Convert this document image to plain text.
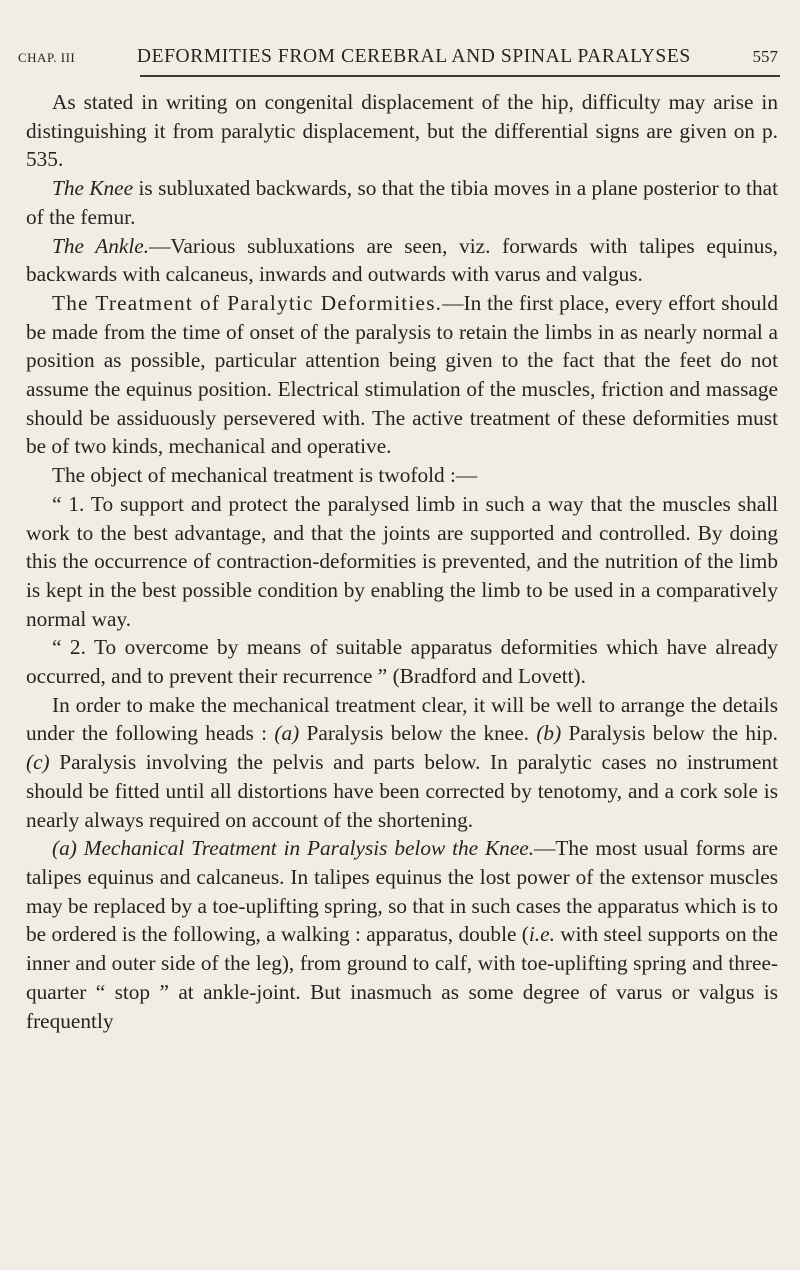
CHAP. III	DEFORMITIES FROM CEREBRAL AND SPINAL PARALYSES	557

As stated in writing on congenital displacement of the hip, difficulty may arise in distinguishing it from paralytic displacement, but the differential signs are given on p. 535.

The Knee is subluxated backwards, so that the tibia moves in a plane posterior to that of the femur.

The Ankle.—Various subluxations are seen, viz. forwards with talipes equinus, backwards with calcaneus, inwards and outwards with varus and valgus.

The Treatment of Paralytic Deformities.—In the first place, every effort should be made from the time of onset of the paralysis to retain the limbs in as nearly normal a position as possible, particular attention being given to the fact that the feet do not assume the equinus position. Electrical stimulation of the muscles, friction and massage should be assiduously persevered with. The active treatment of these deformities must be of two kinds, mechanical and operative.

The object of mechanical treatment is twofold :—

“ 1. To support and protect the paralysed limb in such a way that the muscles shall work to the best advantage, and that the joints are supported and controlled. By doing this the occurrence of contraction-deformities is prevented, and the nutrition of the limb is kept in the best possible condition by enabling the limb to be used in a comparatively normal way.

“ 2. To overcome by means of suitable apparatus deformities which have already occurred, and to prevent their recurrence ” (Bradford and Lovett).

In order to make the mechanical treatment clear, it will be well to arrange the details under the following heads : (a) Paralysis below the knee. (b) Paralysis below the hip. (c) Paralysis involving the pelvis and parts below. In paralytic cases no instrument should be fitted until all distortions have been corrected by tenotomy, and a cork sole is nearly always required on account of the shortening.

(a) Mechanical Treatment in Paralysis below the Knee.—The most usual forms are talipes equinus and calcaneus. In talipes equinus the lost power of the extensor muscles may be replaced by a toe-uplifting spring, so that in such cases the apparatus which is to be ordered is the following, a walking : apparatus, double (i.e. with steel supports on the inner and outer side of the leg), from ground to calf, with toe-uplifting spring and three-quarter “ stop ” at ankle-joint. But inasmuch as some degree of varus or valgus is frequently
